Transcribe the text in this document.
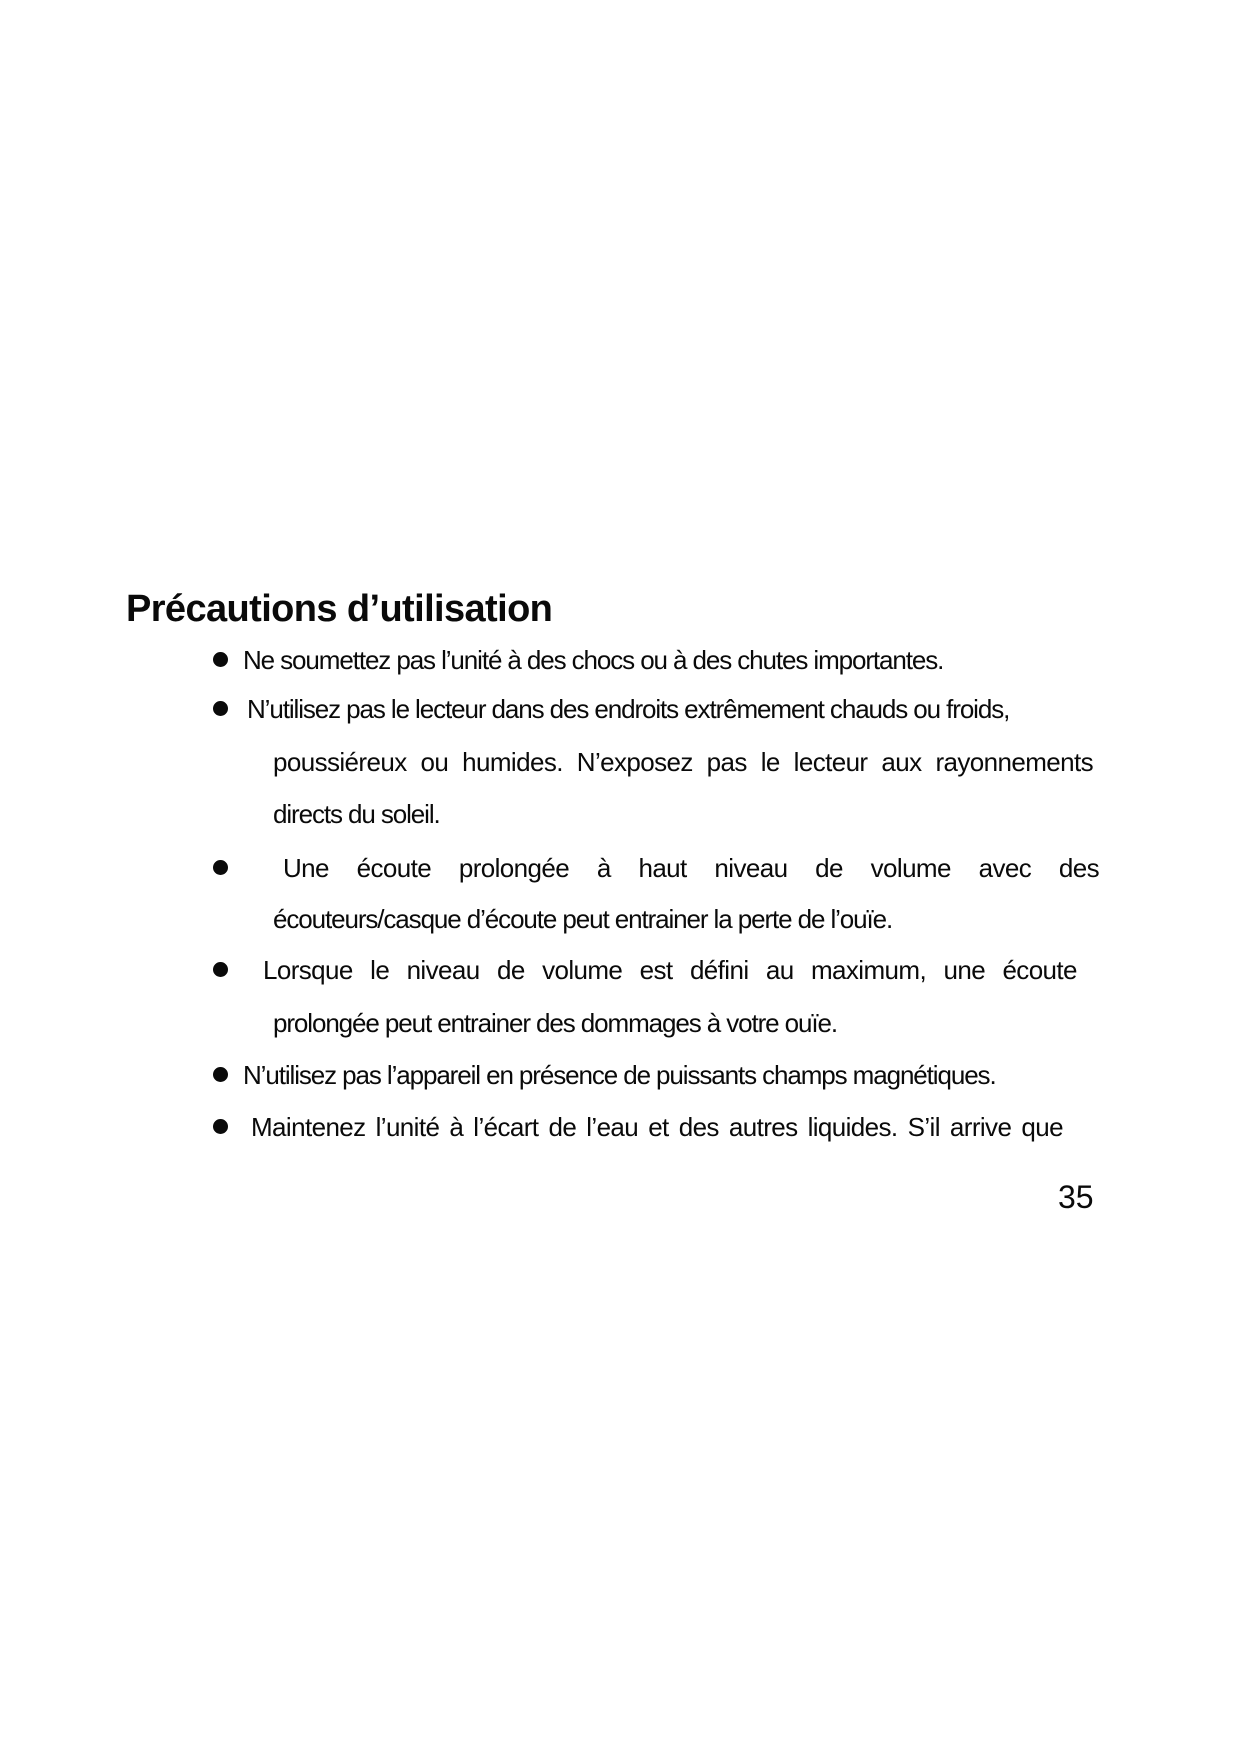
Précautions d’utilisation
Ne soumettez pas l’unité à des chocs ou à des chutes importantes.
N’utilisez pas le lecteur dans des endroits extrêmement chauds ou froids,
poussiéreux ou humides. N’exposez pas le lecteur aux rayonnements
directs du soleil.
Une écoute prolongée à haut niveau de volume avec des
écouteurs/casque d’écoute peut entrainer la perte de l’ouïe.
Lorsque le niveau de volume est défini au maximum, une écoute
prolongée peut entrainer des dommages à votre ouïe.
N’utilisez pas l’appareil en présence de puissants champs magnétiques.
Maintenez l’unité à l’écart de l’eau et des autres liquides. S’il arrive que
35
